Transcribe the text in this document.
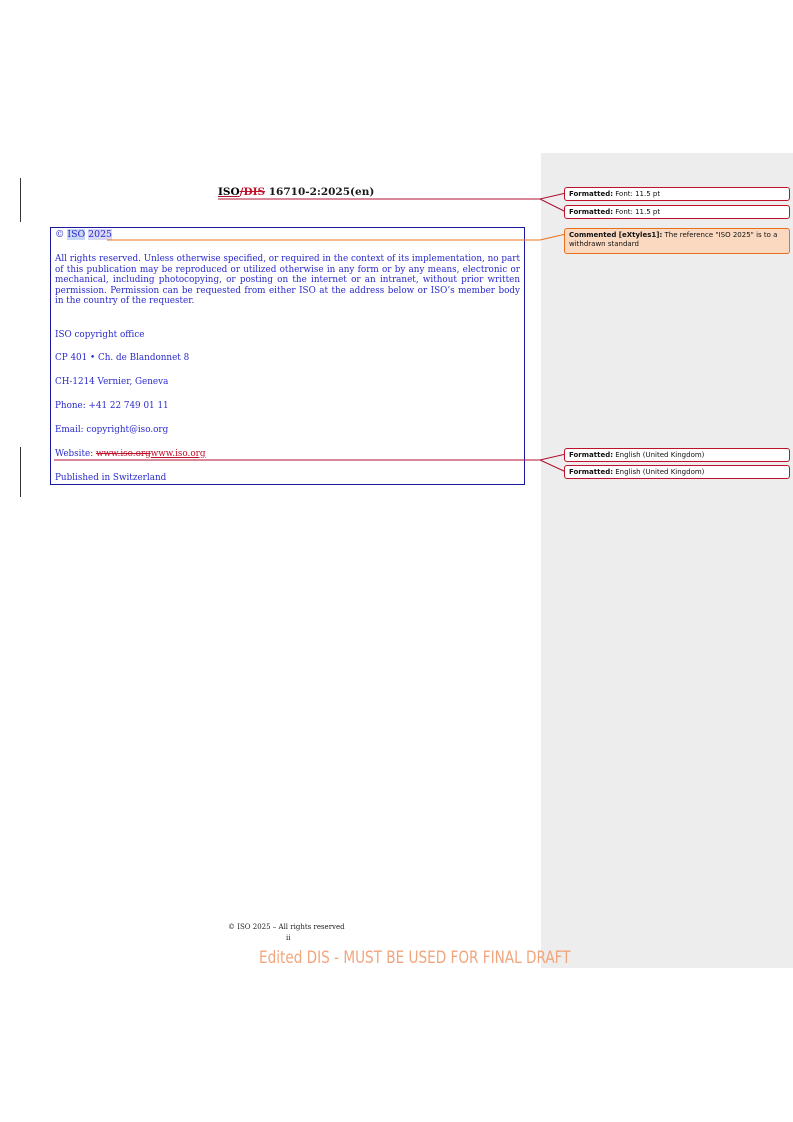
ISO/DIS 16710-2:2025(en)
© ISO 2025
All rights reserved. Unless otherwise specified, or required in the context of its implementation, no part of this publication may be reproduced or utilized otherwise in any form or by any means, electronic or mechanical, including photocopying, or posting on the internet or an intranet, without prior written permission. Permission can be requested from either ISO at the address below or ISO’s member body in the country of the requester.
ISO copyright office
CP 401 • Ch. de Blandonnet 8
CH-1214 Vernier, Geneva
Phone: +41 22 749 01 11
Email: copyright@iso.org
Website: www.iso.orgwww.iso.org
Published in Switzerland
Formatted: Font: 11.5 pt
Formatted: Font: 11.5 pt
Commented [eXtyles1]: The reference "ISO 2025" is to a withdrawn standard
Formatted: English (United Kingdom)
Formatted: English (United Kingdom)
© ISO 2025 – All rights reserved
ii
Edited DIS - MUST BE USED FOR FINAL DRAFT
